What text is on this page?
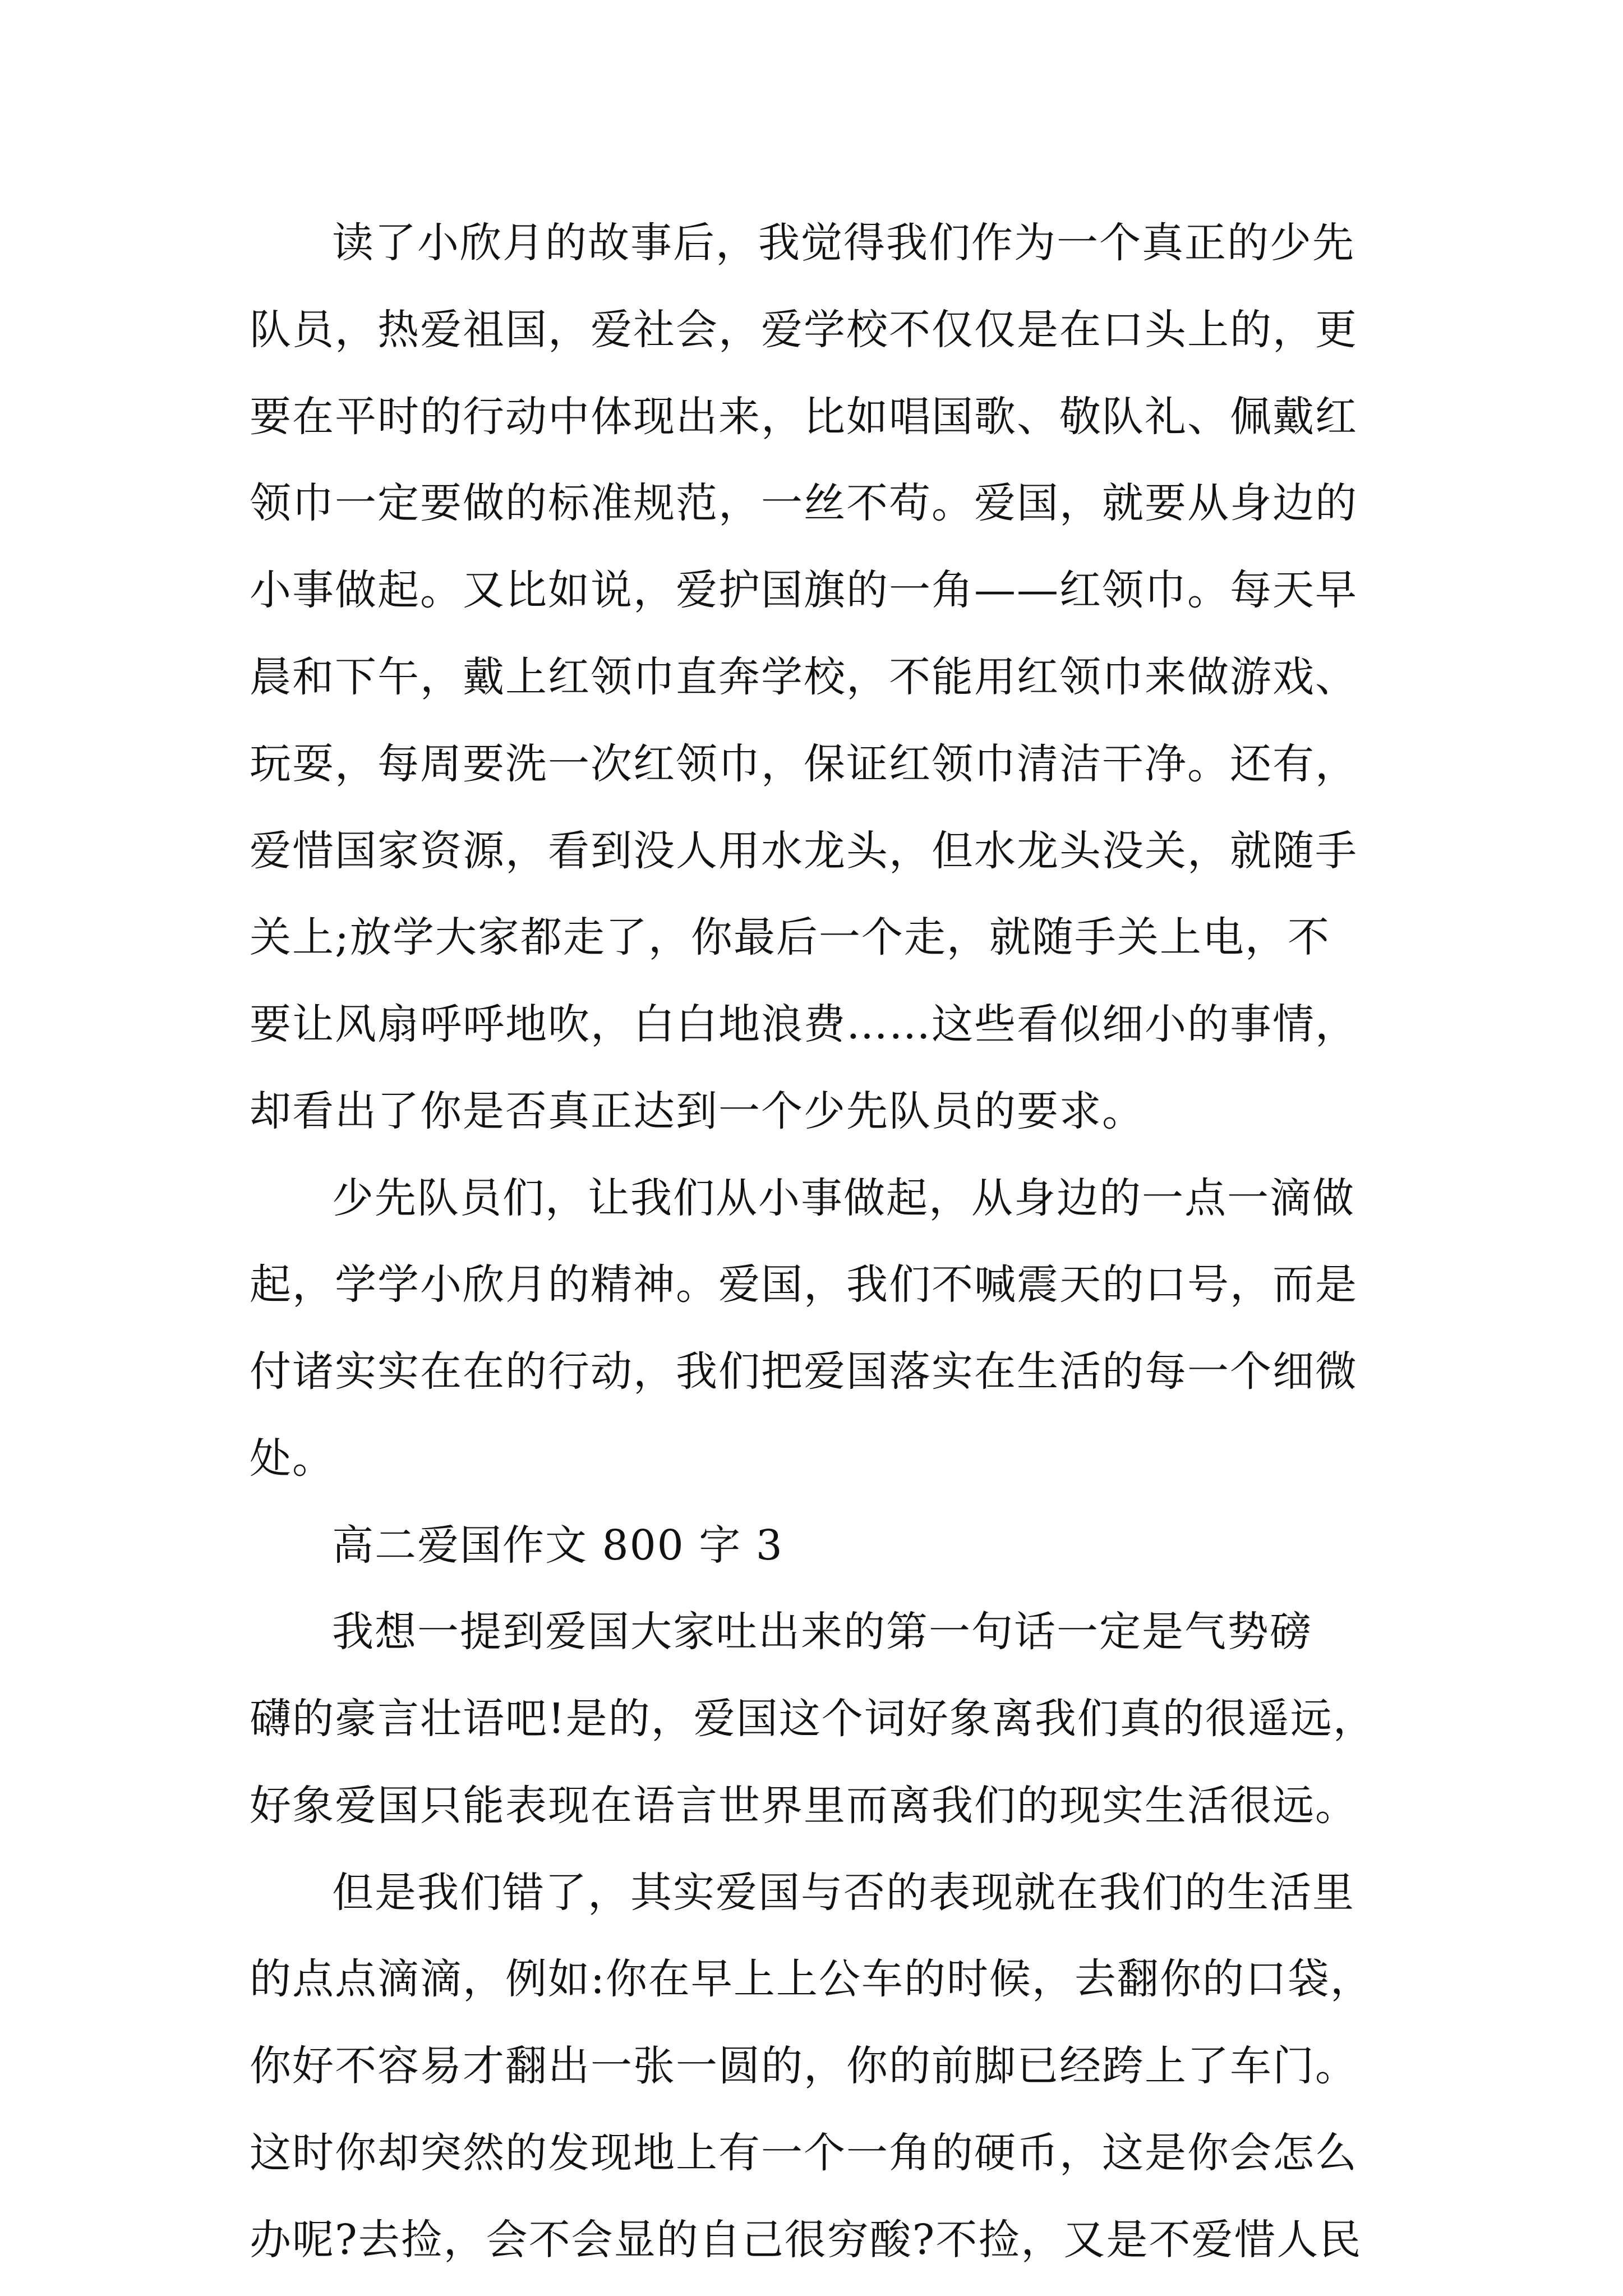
读了小欣月的故事后，我觉得我们作为一个真正的少先
队员，热爱祖国，爱社会，爱学校不仅仅是在口头上的，更
要在平时的行动中体现出来，比如唱国歌、敬队礼、佩戴红
领巾一定要做的标准规范，一丝不苟。爱国，就要从身边的
小事做起。又比如说，爱护国旗的一角——红领巾。每天早
晨和下午，戴上红领巾直奔学校，不能用红领巾来做游戏、
玩耍，每周要洗一次红领巾，保证红领巾清洁干净。还有，
爱惜国家资源，看到没人用水龙头，但水龙头没关，就随手
关上;放学大家都走了，你最后一个走，就随手关上电，不
要让风扇呼呼地吹，白白地浪费……这些看似细小的事情，
却看出了你是否真正达到一个少先队员的要求。
少先队员们，让我们从小事做起，从身边的一点一滴做
起，学学小欣月的精神。爱国，我们不喊震天的口号，而是
付诸实实在在的行动，我们把爱国落实在生活的每一个细微
处。
高二爱国作文 800 字 3
我想一提到爱国大家吐出来的第一句话一定是气势磅
礴的豪言壮语吧!是的，爱国这个词好象离我们真的很遥远，
好象爱国只能表现在语言世界里而离我们的现实生活很远。
但是我们错了，其实爱国与否的表现就在我们的生活里
的点点滴滴，例如:你在早上上公车的时候，去翻你的口袋，
你好不容易才翻出一张一圆的，你的前脚已经跨上了车门。
这时你却突然的发现地上有一个一角的硬币，这是你会怎么
办呢?去捡，会不会显的自己很穷酸?不捡，又是不爱惜人民
